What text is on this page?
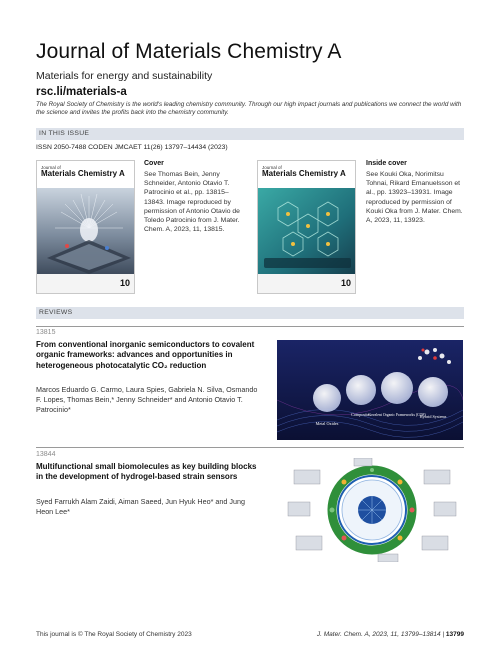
Journal of Materials Chemistry A
Materials for energy and sustainability
rsc.li/materials-a
The Royal Society of Chemistry is the world's leading chemistry community. Through our high impact journals and publications we connect the world with the science and invites the profits back into the chemistry community.
IN THIS ISSUE
ISSN 2050-7488 CODEN JMCAET 11(26) 13797–14434 (2023)
Journal of
Materials Chemistry A
10
Cover
See Thomas Bein, Jenny Schneider, Antonio Otavio T. Patrocinio et al., pp. 13815–13843. Image reproduced by permission of Antonio Otavio de Toledo Patrocinio from J. Mater. Chem. A, 2023, 11, 13815.
Journal of
Materials Chemistry A
10
Inside cover
See Kouki Oka, Norimitsu Tohnai, Rikard Emanuelsson et al., pp. 13923–13931. Image reproduced by permission of Kouki Oka from J. Mater. Chem. A, 2023, 11, 13923.
REVIEWS
13815
From conventional inorganic semiconductors to covalent organic frameworks: advances and opportunities in heterogeneous photocatalytic CO₂ reduction
Marcos Eduardo G. Carmo, Laura Spies, Gabriela N. Silva, Osmando F. Lopes, Thomas Bein,* Jenny Schneider* and Antonio Otavio T. Patrocinio*
Metal Oxides
Composites
Covalent Organic Frameworks (COF)
Hybrid Systems
13844
Multifunctional small biomolecules as key building blocks in the development of hydrogel-based strain sensors
Syed Farrukh Alam Zaidi, Aiman Saeed, Jun Hyuk Heo* and Jung Heon Lee*
This journal is © The Royal Society of Chemistry 2023	J. Mater. Chem. A, 2023, 11, 13799–13814 | 13799
